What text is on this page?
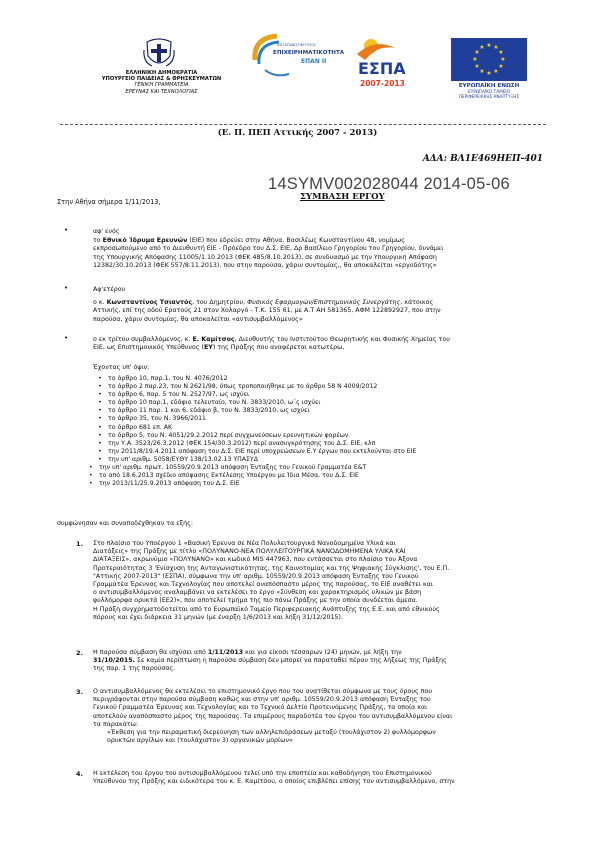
ΕΛΛΗΝΙΚΗ ΔΗΜΟΚΡΑΤΙΑ
ΥΠΟΥΡΓΕΙΟ ΠΑΙΔΕΙΑΣ & ΘΡΗΣΚΕΥΜΑΤΩΝ
ΓΕΝΙΚΗ ΓΡΑΜΜΑΤΕΙΑ
ΕΡΕΥΝΑΣ ΚΑΙ ΤΕΧΝΟΛΟΓΙΑΣ
ΑΝΤΑΓΩΝΙΣΤΙΚΟΤΗΤΑ
ΕΠΙΧΕΙΡΗΜΑΤΙΚΟΤΗΤΑ
ΕΠΑΝ ΙΙ ΕΣΠΑ
2007-2013
★ ★
★
★
★
★
★
★
★
★
★
★
ΕΥΡΩΠΑΪΚΗ ΕΝΩΣΗ
ΕΥΡΩΠΑΪΚΟ ΤΑΜΕΙΟ
ΠΕΡΙΦΕΡΕΙΑΚΗΣ ΑΝΑΠΤΥΞΗΣ
(Ε. Π. ΠΕΠ Αττικής 2007 - 2013)
ΑΔΑ: ΒΛ1Ε469ΗΕΠ-401
ΣΥΜΒΑΣΗ ΕΡΓΟΥ
14SYMV002028044 2014-05-06
Στην Αθήνα σήμερα 1/11/2013,
•	αφ' ενός
το Εθνικό Ίδρυμα Ερευνών (ΕΙΕ) που εδρεύει στην Αθήνα, Βασιλέως Κωνσταντίνου 48, νομίμως
εκπροσωπούμενο από το Διευθυντή ΕΙΕ - Πρόεδρο του Δ.Σ. ΕΙΕ, Δρ Βασίλειο Γρηγορίου του Γρηγορίου, δυνάμει
της Υπουργικής Απόφασης 11005/1.10.2013 (ΦΕΚ 485/8.10.2013), σε συνδυασμό με την Υπουργική Απόφαση
12382/30.10.2013 (ΦΕΚ 557/8.11.2013), που στην παρούσα, χάριν συντομίας,, θα αποκαλείται «εργοδότης»
•	Αφ'ετέρου
ο κ. Κωνσταντίνος Τσιαντός, του Δημητρίου, Φυσικός Εφαρμογών/Επιστημονικός Συνεργάτης, κάτοικος
Αττικής, επί της οδού Ερατούς 21 στον Χολαργό - Τ.Κ. 155 61, με Α.Τ ΑΗ 581365, ΑΦΜ 122892927, που στην
παρούσα, χάριν συντομίας, θα αποκαλείται «αντισυμβαλλόμενος»
•	ο εκ τρίτου συμβαλλόμενος, κ. Ε. Καμίτσος, Διευθυντής του Ινστιτούτου Θεωρητικής και Φυσικής Χημείας του
ΕΙΕ, ως Επιστημονικός Υπεύθυνος (ΕΥ) της Πράξης που αναφέρεται κατωτέρω,
Έχοντας υπ' όψιν:
• το άρθρο 10, παρ.1, του Ν. 4076/2012
• το άρθρο 2 παρ.23, του Ν 2621/98, όπως τροποποιήθηκε με το άρθρο 58 Ν 4009/2012
• το άρθρο 6, παρ. 5 του Ν. 2527/97, ως ισχύει
• το άρθρο 10 παρ.1, εδάφιο τελευταίο, του Ν. 3833/2010, ω΄ς ισχύει
• το άρθρο 11 παρ. 1 και 6, εδάφιο β, του Ν. 3833/2010, ως ισχύει
• το άρθρο 35, του Ν. 3966/2011
• το άρθρο 681 επ. ΑΚ
• το άρθρο 5, του Ν. 4051/29.2.2012 περί συγχωνεύσεων ερευνητικών φορέων
• την Υ.Α. 3523/26.3.2012 (ΦΕΚ 154/30.3.2012) περί ανασυγκρότησης του Δ.Σ. ΕΙΕ, κλπ
• την 2011/8/19.4.2011 απόφαση του Δ.Σ. ΕΙΕ περί υποχρεώσεων Ε.Υ έργων που εκτελούνται στο ΕΙΕ
• την υπ' αριθμ. 5058/ΕΥΘΥ 138/13.02.13 ΥΠΑΣΥΔ
• την υπ' αριθμ. πρωτ. 10559/20.9.2013 απόφαση Ένταξης του Γενικού Γραμματέα Ε&Τ
• το από 18.6.2013 σχέδιο απόφασης Εκτέλεσης Υποέργου με Ίδια Μέσα, του Δ.Σ. ΕΙΕ
• την 2013/11/25.9.2013 απόφαση του Δ.Σ. ΕΙΕ
συμφώνησαν και συναποδέχθηκαν τα εξής:
1. Στο πλαίσιο του Υποέργου 1 «Βασική Έρευνα σε Νέα Πολυλειτουργικά Νανοδομημένα Υλικά και
Διατάξεις» της Πράξης με τίτλο «ΠΟΛΥΝΑΝΟ-ΝΕΑ ΠΟΛΥΛΕΙΤΟΥΡΓΙΚΑ ΝΑΝΟΔΟΜΗΜΕΝΑ ΥΛΙΚΑ ΚΑΙ
ΔΙΑΤΑΞΕΙΣ», ακρωνύμιο «ΠΟΛΥΝΑΝΟ» και κωδικό MIS 447963, που εντάσσεται στο πλαίσιο του Άξονα
Προτεραιότητας 3 'Ενίσχυση της Ανταγωνιστικότητας, της Καινοτομίας και της Ψηφιακής Σύγκλισης', του Ε.Π.
"Αττικής 2007-2013" (ΕΣΠΑ), σύμφωνα την υπ' αριθμ. 10559/20.9.2013 απόφαση Ένταξης του Γενικού
Γραμματέα Έρευνας και Τεχνολογίας που αποτελεί αναπόσπαστο μέρος της παρούσας, το ΕΙΕ αναθέτει και
ο αντισυμβαλλόμενος αναλαμβάνει να εκτελέσει το έργο «Σύνθεση και χαρακτηρισμός υλικών με βάση
φυλλόμορφα ορυκτά (ΕΕ2)», που αποτελεί τμήμα της πιο πάνω Πράξης με την οποία συνδέεται άμεσα.
Η Πράξη συγχρηματοδοτείται από το Ευρωπαϊκό Ταμείο Περιφερειακής Ανάπτυξης της Ε.Ε. και από εθνικούς
πόρους και έχει διάρκεια 31 μηνών (με έναρξη 1/6/2013 και λήξη 31/12/2015).
2. Η παρούσα σύμβαση θα ισχύσει από 1/11/2013 και για είκοσι τέσσαρων (24) μηνών, με λήξη την
31/10/2015. Σε καμία περίπτωση η παρούσα σύμβαση δεν μπορεί να παραταθεί πέραν της λήξεως της Πράξης
της παρ. 1 της παρούσας.
3. Ο αντισυμβαλλόμενος θα εκτελέσει το επιστημονικό έργο που του ανατίθεται σύμφωνα με τους όρους που
περιγράφονται στην παρούσα σύμβαση καθώς και στην υπ' αριθμ. 10559/20.9.2013 απόφαση Ένταξης του
Γενικού Γραμματέα Έρευνας και Τεχνολογίας και το Τεχνικό Δελτίο Προτεινόμενης Πράξης, τα οποία και
αποτελούν αναπόσπαστο μέρος της παρούσας. Τα επιμέρους παραδοτέα του έργου του αντισυμβαλλόμενου είναι
τα παρακάτω:
«Έκθεση για την πειραματική διερεύνηση των αλληλεπιδράσεων μεταξύ (τουλάχιστον 2) φυλλόμορφων
ορυκτών αργίλων και (τουλάχιστον 3) οργανικών μορίων»
4. Η εκτέλεση του έργου του αντισυμβαλλόμενου τελεί υπό την εποπτεία και καθοδήγηση του Επιστημονικού
Υπεύθυνου της Πράξης και ειδικότερα του κ. Ε. Καμίτσου, ο οποίος επιβλέπει επίσης τον αντισυμβαλλόμενο, στην
